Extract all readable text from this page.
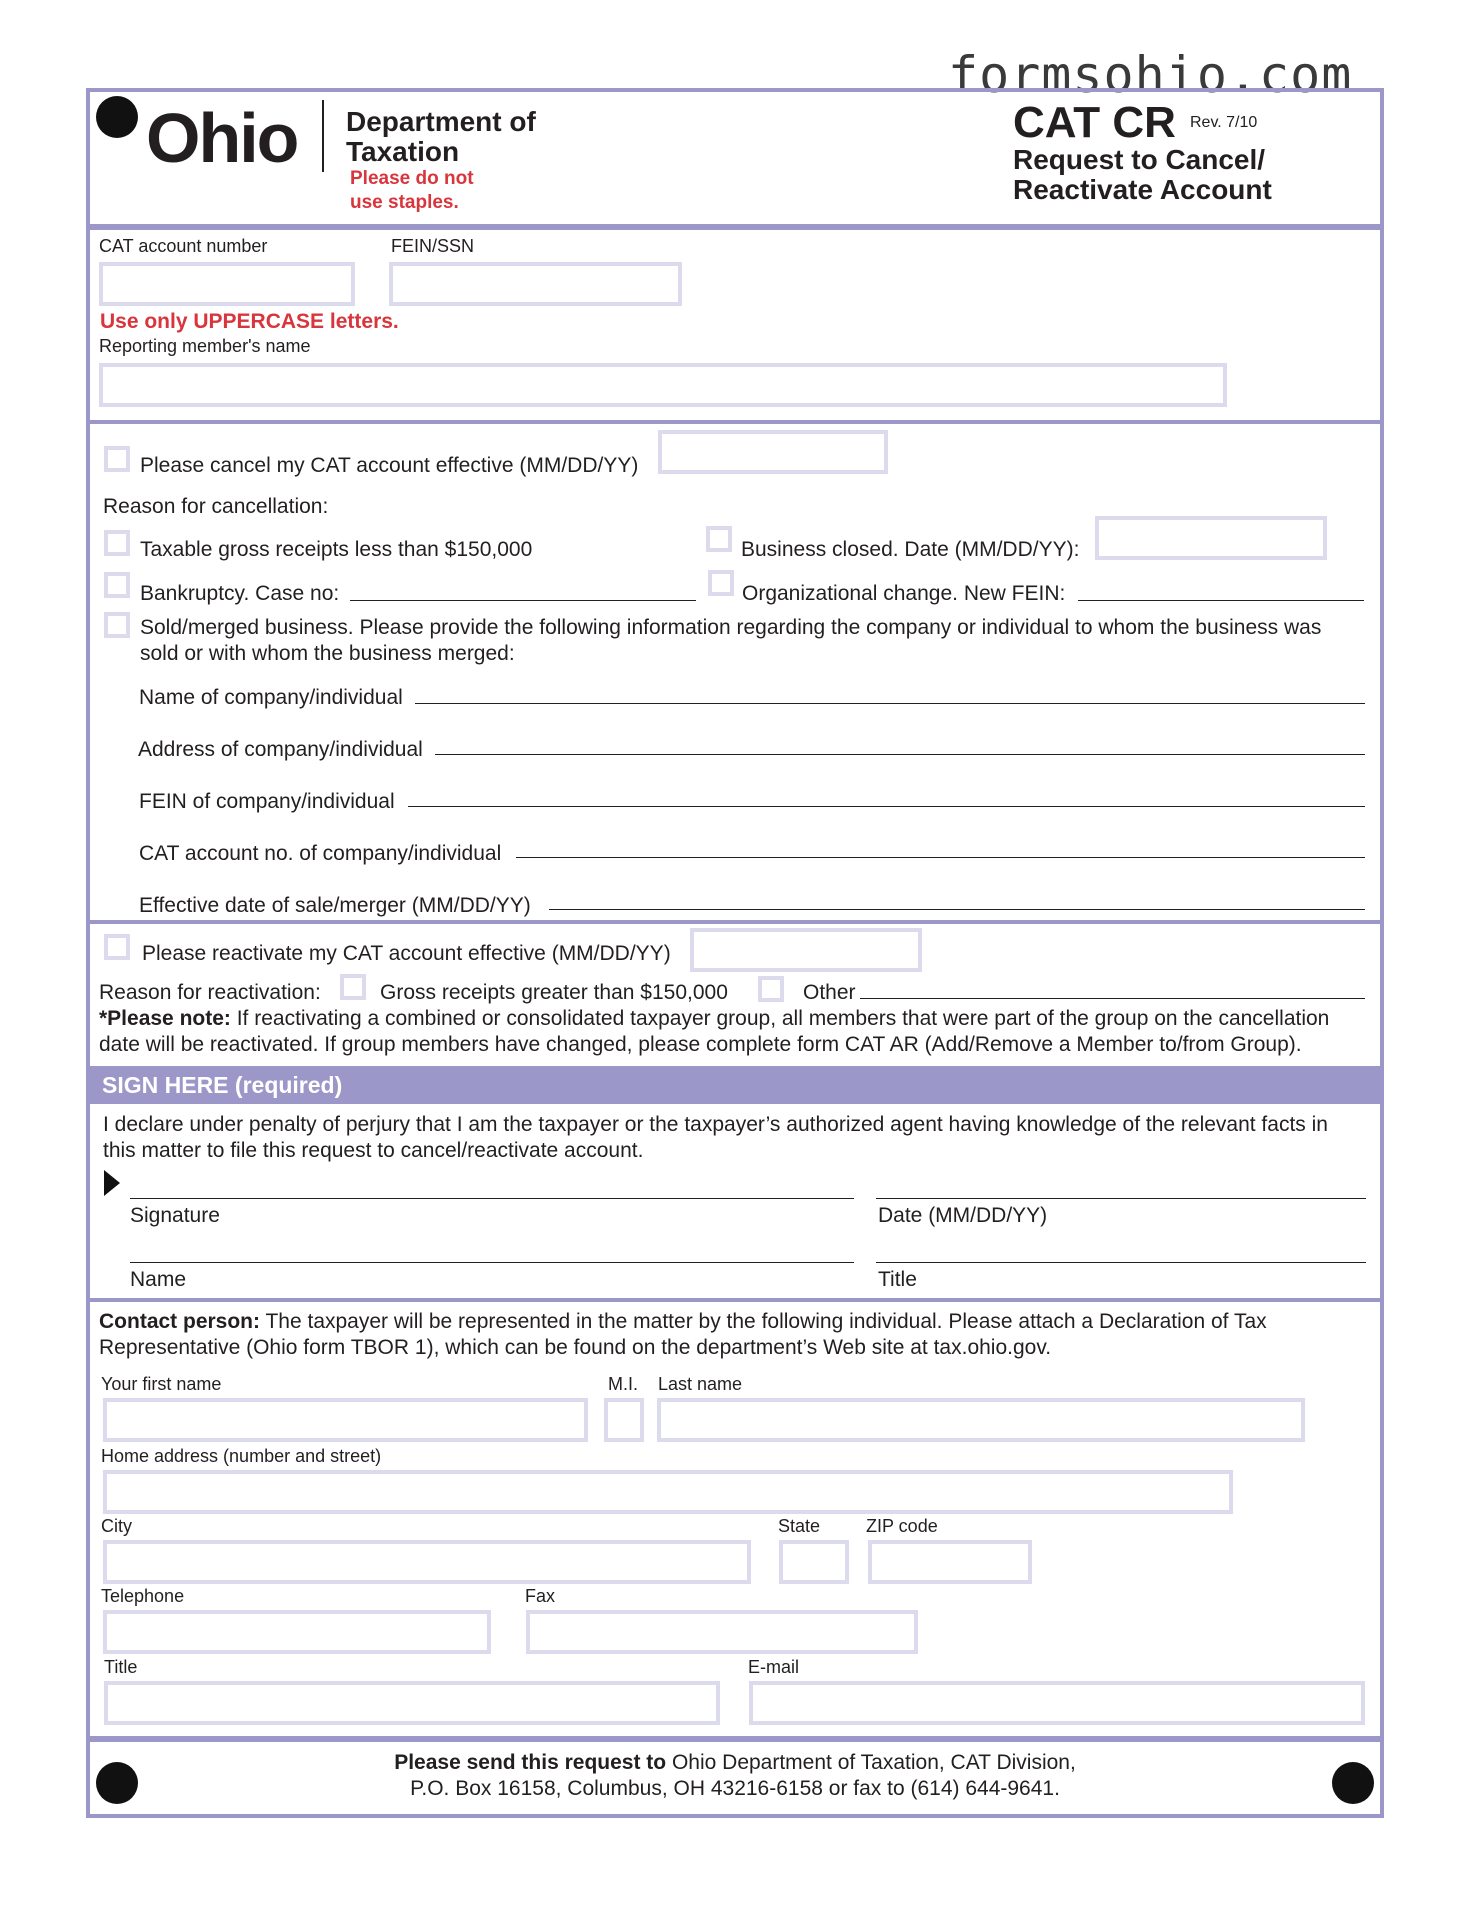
formsohio.com
Ohio Department of
Taxation
Please do not
use staples.
CAT CR Rev. 7/10
Request to Cancel/
Reactivate Account
CAT account number	FEIN/SSN
Use only UPPERCASE letters.
Reporting member's name
Please cancel my CAT account effective (MM/DD/YY)
Reason for cancellation:
Taxable gross receipts less than $150,000	Business closed. Date (MM/DD/YY):
Bankruptcy. Case no:	Organizational change. New FEIN:
Sold/merged business. Please provide the following information regarding the company or individual to whom the business was
sold or with whom the business merged:
Name of company/individual
Address of company/individual
FEIN of company/individual
CAT account no. of company/individual
Effective date of sale/merger (MM/DD/YY)
Please reactivate my CAT account effective (MM/DD/YY)
Reason for reactivation:	Gross receipts greater than $150,000	Other
*Please note: If reactivating a combined or consolidated taxpayer group, all members that were part of the group on the cancellation
date will be reactivated. If group members have changed, please complete form CAT AR (Add/Remove a Member to/from Group).
SIGN HERE (required)
I declare under penalty of perjury that I am the taxpayer or the taxpayer’s authorized agent having knowledge of the relevant facts in
this matter to file this request to cancel/reactivate account.
Signature	Date (MM/DD/YY)
Name	Title
Contact person: The taxpayer will be represented in the matter by the following individual. Please attach a Declaration of Tax
Representative (Ohio form TBOR 1), which can be found on the department’s Web site at tax.ohio.gov.
Your first name	M.I. Last name
Home address (number and street)
City	State	ZIP code
Telephone	Fax
Title	E-mail
Please send this request to Ohio Department of Taxation, CAT Division,
P.O. Box 16158, Columbus, OH 43216-6158 or fax to (614) 644-9641.
